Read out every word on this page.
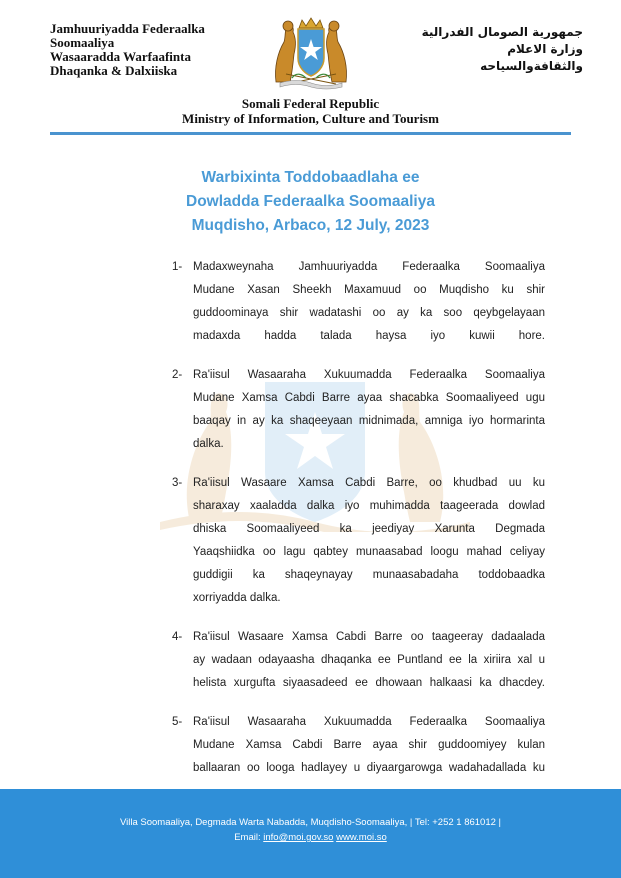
Jamhuuriyadda Federaalka
Soomaaliya
Wasaaradda Warfaafinta
Dhaqanka & Dalxiiska
جمهورية الصومال الفدرالية
وزارة الاعلام
والثقافةوالسياحه
Somali Federal Republic
Ministry of Information, Culture and Tourism
Warbixinta Toddobaadlaha ee
Dowladda Federaalka Soomaaliya
Muqdisho, Arbaco, 12 July, 2023
1- Madaxweynaha Jamhuuriyadda Federaalka Soomaaliya
Mudane Xasan Sheekh Maxamuud oo Muqdisho ku shir
guddoominaya shir wadatashi oo ay ka soo qeybgelayaan
madaxda hadda talada haysa iyo kuwii hore.
2- Ra'iisul Wasaaraha Xukuumadda Federaalka Soomaaliya
Mudane Xamsa Cabdi Barre ayaa shacabka Soomaaliyeed ugu
baaqay in ay ka shaqeeyaan midnimada, amniga iyo hormarinta
dalka.
3- Ra'iisul Wasaare Xamsa Cabdi Barre, oo khudbad uu ku
sharaxay xaaladda dalka iyo muhimadda taageerada dowlad
dhiska Soomaaliyeed ka jeediyay Xarunta Degmada
Yaaqshiidka oo lagu qabtey munaasabad loogu mahad celiyay
guddigii ka shaqeynayay munaasabadaha toddobaadka
xorriyadda dalka.
4- Ra'iisul Wasaare Xamsa Cabdi Barre oo taageeray dadaalada
ay wadaan odayaasha dhaqanka ee Puntland ee la xiriira xal u
helista xurgufta siyaasadeed ee dhowaan halkaasi ka dhacdey.
5- Ra'iisul Wasaaraha Xukuumadda Federaalka Soomaaliya
Mudane Xamsa Cabdi Barre ayaa shir guddoomiyey kulan
ballaaran oo looga hadlayey u diyaargarowga wadahadallada ku
Villa Soomaaliya, Degmada Warta Nabadda, Muqdisho-Soomaaliya, | Tel: +252 1 861012 |
Email: info@moi.gov.so www.moi.so
